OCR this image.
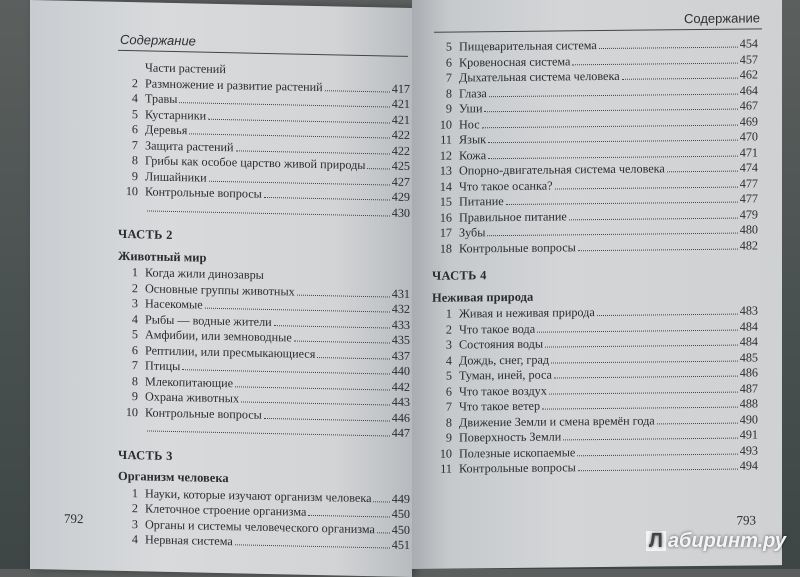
Содержание
Части растений
2 Размножение и развитие растений	417
4 Травы	421
5 Кустарники	421
6 Деревья	422
7 Защита растений	422
8 Грибы как особое царство живой природы 425
9 Лишайники	427
10 Контрольные вопросы	429
430
ЧАСТЬ 2
Животный мир
1 Когда жили динозавры
2 Основные группы животных	431
3 Насекомые	432
4 Рыбы — водные жители	433
5 Амфибии, или земноводные	435
6 Рептилии, или пресмыкающиеся	437
7 Птицы	440
8 Млекопитающие	442
9 Охрана животных	443
10 Контрольные вопросы	446
447
ЧАСТЬ 3
Организм человека
1 Науки, которые изучают организм человека 449
2 Клеточное строение организма	450
3 Органы и системы человеческого организма 450
4 Нервная система	451
792
Содержание
5 Пищеварительная система	454
6 Кровеносная система	457
7 Дыхательная система человека	462
8 Глаза	464
9 Уши	467
10 Нос	469
11 Язык	470
12 Кожа	471
13 Опорно-двигательная система человека	474
14 Что такое осанка?	477
15 Питание	477
16 Правильное питание	479
17 Зубы	480
18 Контрольные вопросы	482
ЧАСТЬ 4
Неживая природа
1 Живая и неживая природа	483
2 Что такое вода	484
3 Состояния воды	484
4 Дождь, снег, град	485
5 Туман, иней, роса	486
6 Что такое воздух	487
7 Что такое ветер	488
8 Движение Земли и смена времён года	490
9 Поверхность Земли	491
10 Полезные ископаемые	493
11 Контрольные вопросы	494
793
Л абиринт.ру
